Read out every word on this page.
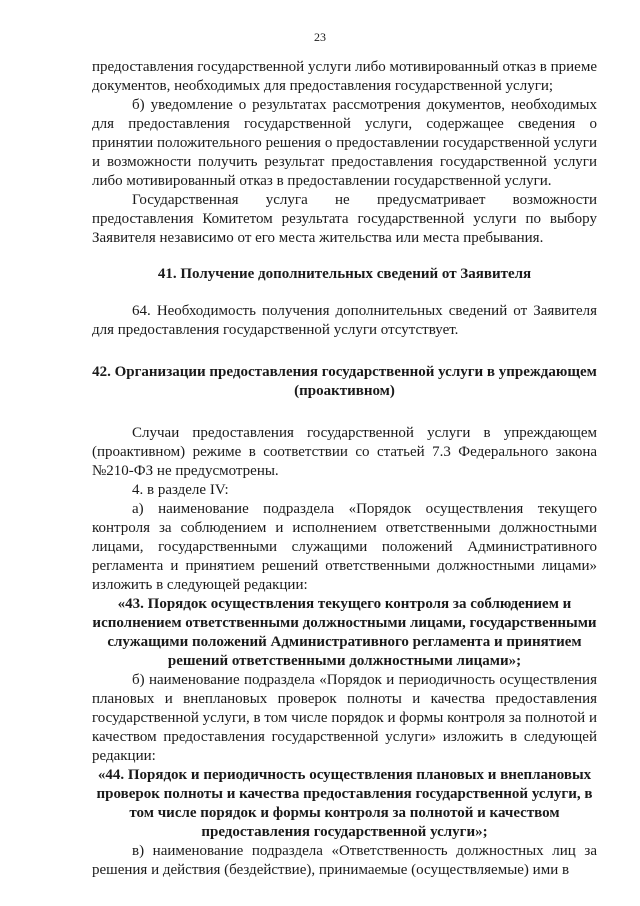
23

предоставления государственной услуги либо мотивированный отказ в приеме документов, необходимых для предоставления государственной услуги;

б) уведомление о результатах рассмотрения документов, необходимых для предоставления государственной услуги, содержащее сведения о принятии положительного решения о предоставлении государственной услуги и возможности получить результат предоставления государственной услуги либо мотивированный отказ в предоставлении государственной услуги.

Государственная услуга не предусматривает возможности предоставления Комитетом результата государственной услуги по выбору Заявителя независимо от его места жительства или места пребывания.

41. Получение дополнительных сведений от Заявителя

64. Необходимость получения дополнительных сведений от Заявителя для предоставления государственной услуги отсутствует.

42. Организации предоставления государственной услуги в упреждающем (проактивном)

Случаи предоставления государственной услуги в упреждающем (проактивном) режиме в соответствии со статьей 7.3 Федерального закона №210-ФЗ не предусмотрены.

4. в разделе IV:

а) наименование подраздела «Порядок осуществления текущего контроля за соблюдением и исполнением ответственными должностными лицами, государственными служащими положений Административного регламента и принятием решений ответственными должностными лицами» изложить в следующей редакции:

«43. Порядок осуществления текущего контроля за соблюдением и исполнением ответственными должностными лицами, государственными служащими положений Административного регламента и принятием решений ответственными должностными лицами»;

б) наименование подраздела «Порядок и периодичность осуществления плановых и внеплановых проверок полноты и качества предоставления государственной услуги, в том числе порядок и формы контроля за полнотой и качеством предоставления государственной услуги» изложить в следующей редакции:

«44. Порядок и периодичность осуществления плановых и внеплановых проверок полноты и качества предоставления государственной услуги, в том числе порядок и формы контроля за полнотой и качеством предоставления государственной услуги»;

в) наименование подраздела «Ответственность должностных лиц за решения и действия (бездействие), принимаемые (осуществляемые) ими в
